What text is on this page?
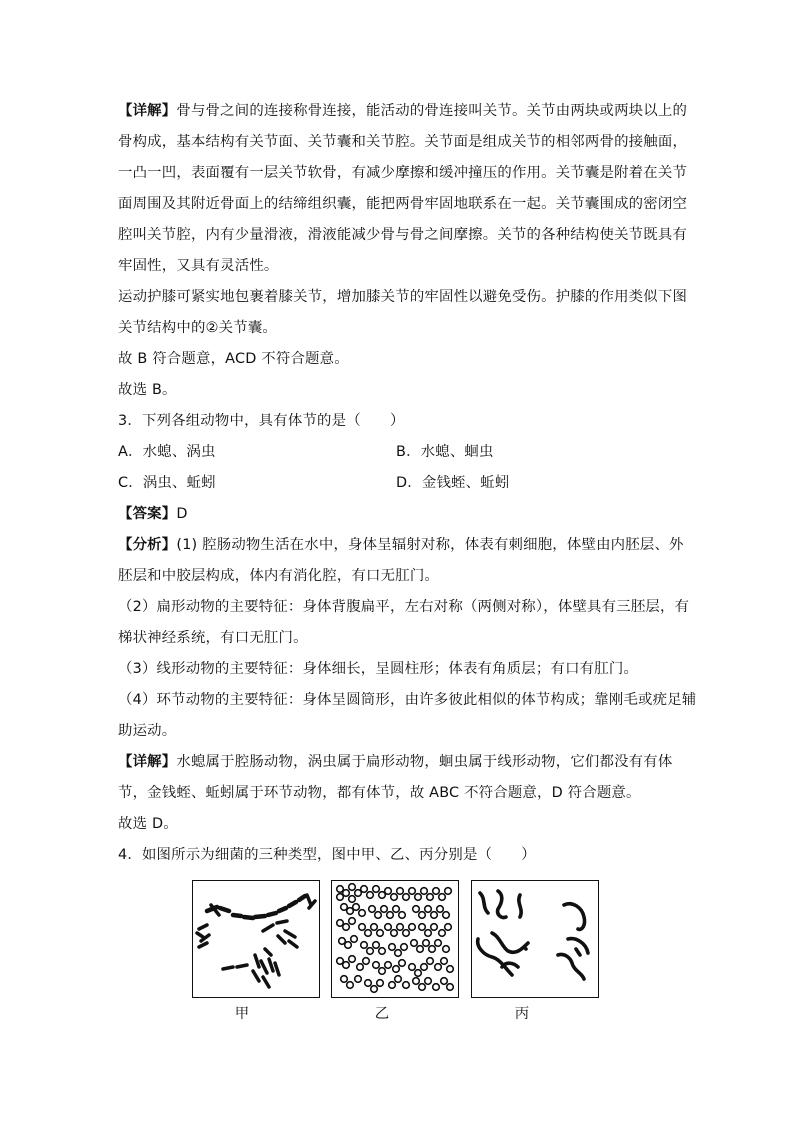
【详解】骨与骨之间的连接称骨连接，能活动的骨连接叫关节。关节由两块或两块以上的
骨构成，基本结构有关节面、关节囊和关节腔。关节面是组成关节的相邻两骨的接触面，
一凸一凹，表面覆有一层关节软骨，有减少摩擦和缓冲撞压的作用。关节囊是附着在关节
面周围及其附近骨面上的结缔组织囊，能把两骨牢固地联系在一起。关节囊围成的密闭空
腔叫关节腔，内有少量滑液，滑液能减少骨与骨之间摩擦。关节的各种结构使关节既具有
牢固性，又具有灵活性。
运动护膝可紧实地包裹着膝关节，增加膝关节的牢固性以避免受伤。护膝的作用类似下图
关节结构中的②关节囊。
故 B 符合题意，ACD 不符合题意。
故选 B。
3．下列各组动物中，具有体节的是（　　）
A．水螅、涡虫	B．水螅、蛔虫
C．涡虫、蚯蚓	D．金钱蛭、蚯蚓
【答案】D
【分析】(1) 腔肠动物生活在水中，身体呈辐射对称，体表有刺细胞，体壁由内胚层、外
胚层和中胶层构成，体内有消化腔，有口无肛门。
（2）扁形动物的主要特征：身体背腹扁平，左右对称（两侧对称），体壁具有三胚层，有
梯状神经系统，有口无肛门。
（3）线形动物的主要特征：身体细长，呈圆柱形；体表有角质层；有口有肛门。
（4）环节动物的主要特征：身体呈圆筒形，由许多彼此相似的体节构成；靠刚毛或疣足辅
助运动。
【详解】水螅属于腔肠动物，涡虫属于扁形动物，蛔虫属于线形动物，它们都没有有体
节，金钱蛭、蚯蚓属于环节动物，都有体节，故 ABC 不符合题意，D 符合题意。
故选 D。
4．如图所示为细菌的三种类型，图中甲、乙、丙分别是（　　）
甲	乙	丙
